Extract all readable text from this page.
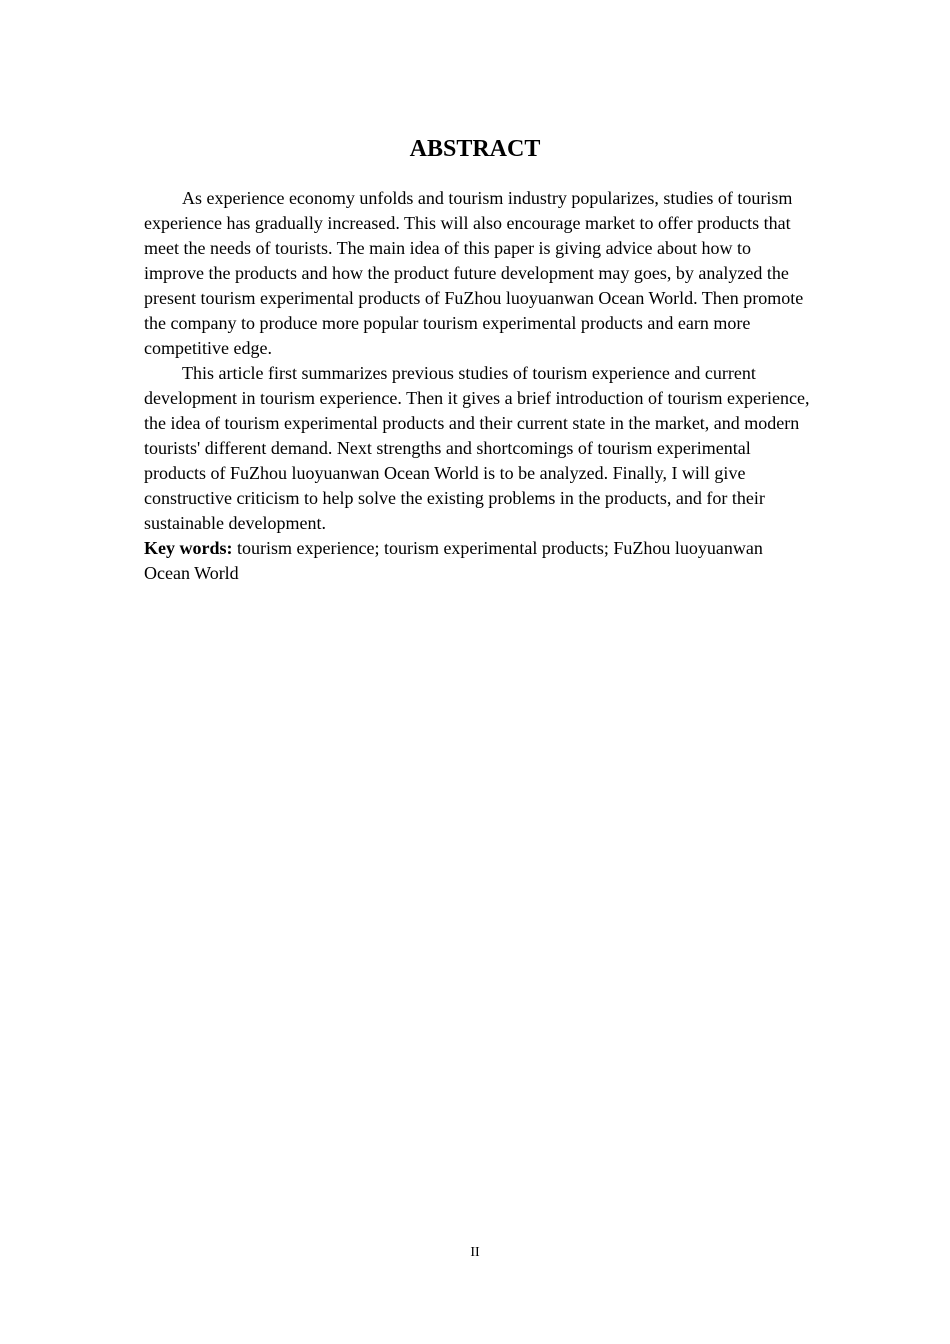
ABSTRACT

As experience economy unfolds and tourism industry popularizes, studies of tourism experience has gradually increased. This will also encourage market to offer products that meet the needs of tourists. The main idea of this paper is giving advice about how to improve the products and how the product future development may goes, by analyzed the present tourism experimental products of FuZhou luoyuanwan Ocean World. Then promote the company to produce more popular tourism experimental products and earn more competitive edge.

This article first summarizes previous studies of tourism experience and current development in tourism experience. Then it gives a brief introduction of tourism experience, the idea of tourism experimental products and their current state in the market, and modern tourists' different demand. Next strengths and shortcomings of tourism experimental products of FuZhou luoyuanwan Ocean World is to be analyzed. Finally, I will give constructive criticism to help solve the existing problems in the products, and for their sustainable development.

Key words: tourism experience; tourism experimental products; FuZhou luoyuanwan Ocean World

II
